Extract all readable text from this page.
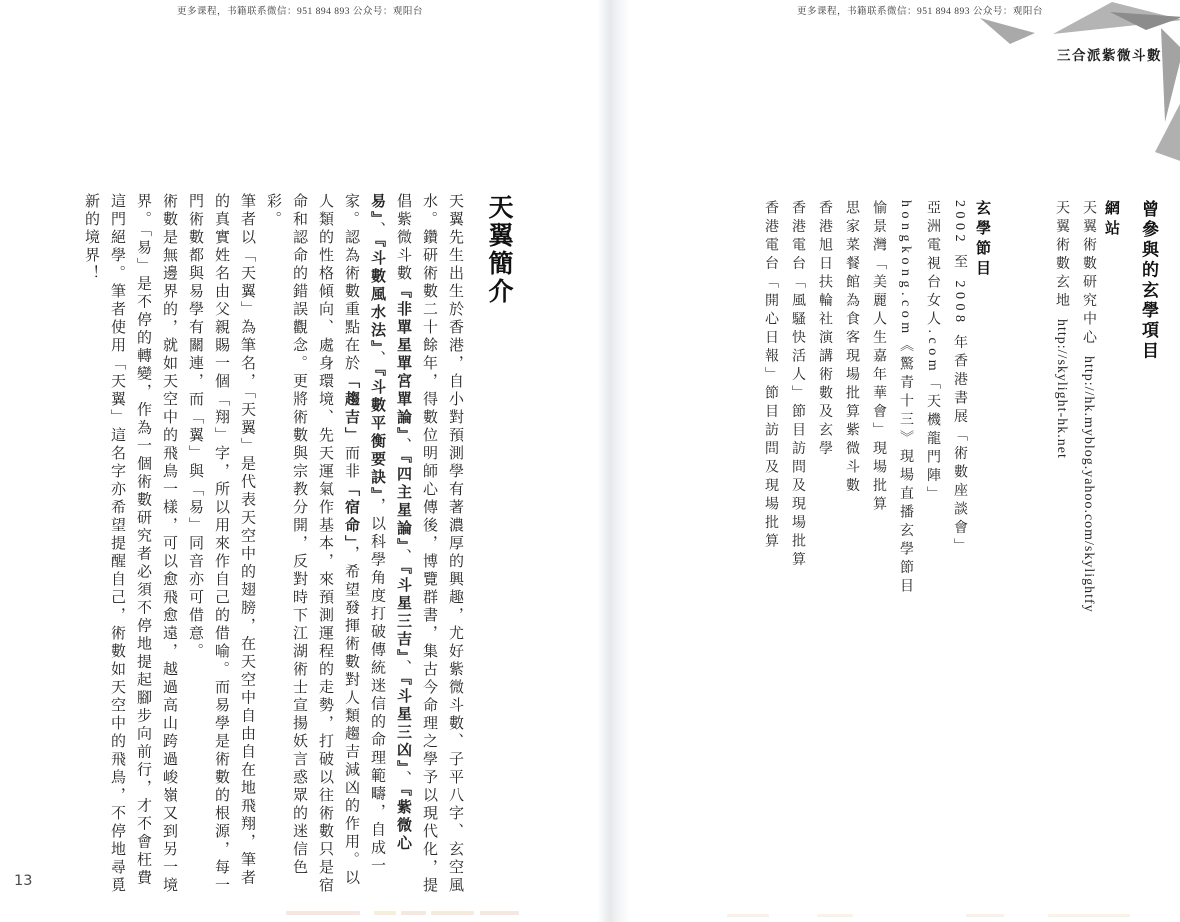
更多课程，书籍联系微信：951 894 893 公众号：观阳台	更多课程，书籍联系微信：951 894 893 公众号：观阳台
三合派紫微斗數
天翼簡介

天翼先生出生於香港，自小對預測學有著濃厚的興趣，尤好紫微斗數、子平八字、玄空風水。鑽研術數二十餘年，得數位明師心傳後，博覽群書，集古今命理之學予以現代化，提倡紫微斗數『非單星單宮單論』、『四主星論』、『斗星三吉』、『斗星三凶』、『紫微心易』、『斗數風水法』、『斗數平衡要訣』，以科學角度打破傳統迷信的命理範疇，自成一家。認為術數重點在於「趨吉」而非「宿命」，希望發揮術數對人類趨吉減凶的作用。以人類的性格傾向、處身環境、先天運氣作基本，來預測運程的走勢，打破以往術數只是宿命和認命的錯誤觀念。更將術數與宗教分開，反對時下江湖術士宣揚妖言惑眾的迷信色彩。

筆者以「天翼」為筆名，「天翼」是代表天空中的翅膀，在天空中自由自在地飛翔，筆者的真實姓名由父親賜一個「翔」字，所以用來作自己的借喻。而易學是術數的根源，每一門術數都與易學有關連，而「翼」與「易」同音亦可借意。

術數是無邊界的，就如天空中的飛鳥一樣，可以愈飛愈遠，越過高山跨過峻嶺又到另一境界。「易」是不停的轉變，作為一個術數研究者必須不停地提起腳步向前行，才不會枉費這門絕學。筆者使用「天翼」這名字亦希望提醒自己，術數如天空中的飛鳥，不停地尋覓新的境界！

13
曾參與的玄學項目
網站

天翼術數研究中心 http://hk.myblog.yahoo.com/skylightfy

天翼術數玄地 http://skylight-hk.net

玄學節目

2002 至 2008 年香港書展「術數座談會」

亞洲電視台女人.com「天機龍門陣」

hongkong.com《驚青十三》現場直播玄學節目

愉景灣「美麗人生嘉年華會」現場批算

思家菜餐館為食客現場批算紫微斗數

香港旭日扶輪社演講術數及玄學

香港電台「風騷快活人」節目訪問及現場批算

香港電台「開心日報」節目訪問及現場批算
